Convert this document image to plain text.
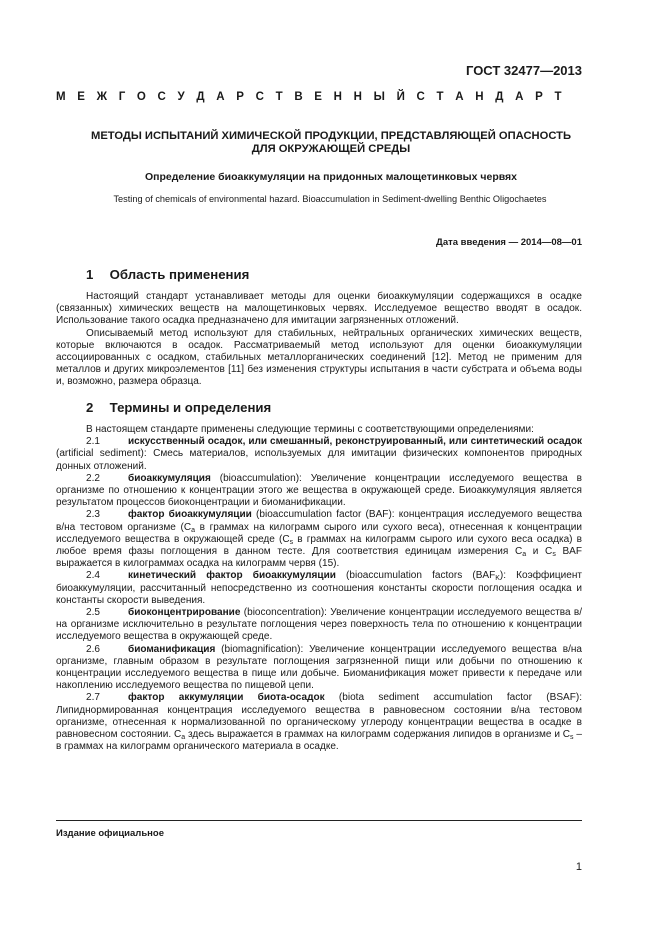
ГОСТ 32477—2013
М Е Ж Г О С У Д А Р С Т В Е Н Н Ы Й С Т А Н Д А Р Т
МЕТОДЫ ИСПЫТАНИЙ ХИМИЧЕСКОЙ ПРОДУКЦИИ, ПРЕДСТАВЛЯЮЩЕЙ ОПАСНОСТЬ
ДЛЯ ОКРУЖАЮЩЕЙ СРЕДЫ
Определение биоаккумуляции на придонных малощетинковых червях
Testing of chemicals of environmental hazard. Bioaccumulation in Sediment-dwelling Benthic Oligochaetes
Дата введения — 2014—08—01
1 Область применения

Настоящий стандарт устанавливает методы для оценки биоаккумуляции содержащихся в осадке (связанных) химических веществ на малощетинковых червях. Исследуемое вещество вводят в осадок. Использование такого осадка предназначено для имитации загрязненных отложений.

Описываемый метод используют для стабильных, нейтральных органических химических веществ, которые включаются в осадок. Рассматриваемый метод используют для оценки биоаккумуляции ассоциированных с осадком, стабильных металлорганических соединений [12]. Метод не применим для металлов и других микроэлементов [11] без изменения структуры испытания в части субстрата и объема воды и, возможно, размера образца.

2 Термины и определения

В настоящем стандарте применены следующие термины с соответствующими определениями:

2.1	искусственный осадок, или смешанный, реконструированный, или синтетический осадок (artificial sediment): Смесь материалов, используемых для имитации физических компонентов природных донных отложений.

2.2	биоаккумуляция (bioaccumulation): Увеличение концентрации исследуемого вещества в организме по отношению к концентрации этого же вещества в окружающей среде. Биоаккумуляция является результатом процессов биоконцентрации и биоманификации.

2.3	фактор биоаккумуляции (bioaccumulation factor (BAF): концентрация исследуемого вещества в/на тестовом организме ($C_a$ в граммах на килограмм сырого или сухого веса), отнесенная к концентрации исследуемого вещества в окружающей среде ($C_s$ в граммах на килограмм сырого или сухого веса осадка) в любое время фазы поглощения в данном тесте. Для соответствия единицам измерения $C_a$ и $C_s$ BAF выражается в килограммах осадка на килограмм червя (15).

2.4	кинетический фактор биоаккумуляции (bioaccumulation factors $(BAF_K)$: Коэффициент биоаккумуляции, рассчитанный непосредственно из соотношения константы скорости поглощения осадка и константы скорости выведения.

2.5	биоконцентрирование (bioconcentration): Увеличение концентрации исследуемого вещества в/на организме исключительно в результате поглощения через поверхность тела по отношению к концентрации исследуемого вещества в окружающей среде.

2.6	биоманификация (biomagnification): Увеличение концентрации исследуемого вещества в/на организме, главным образом в результате поглощения загрязненной пищи или добычи по отношению к концентрации исследуемого вещества в пище или добыче. Биоманификация может привести к передаче или накоплению исследуемого вещества по пищевой цепи.

2.7	фактор аккумуляции биота-осадок (biota sediment accumulation factor (BSAF): Липиднормированная концентрация исследуемого вещества в равновесном состоянии в/на тестовом организме, отнесенная к нормализованной по органическому углероду концентрации вещества в осадке в равновесном состоянии. $C_a$ здесь выражается в граммах на килограмм содержания липидов в организме и $C_s$ – в граммах на килограмм органического материала в осадке.

Издание официальное
1
